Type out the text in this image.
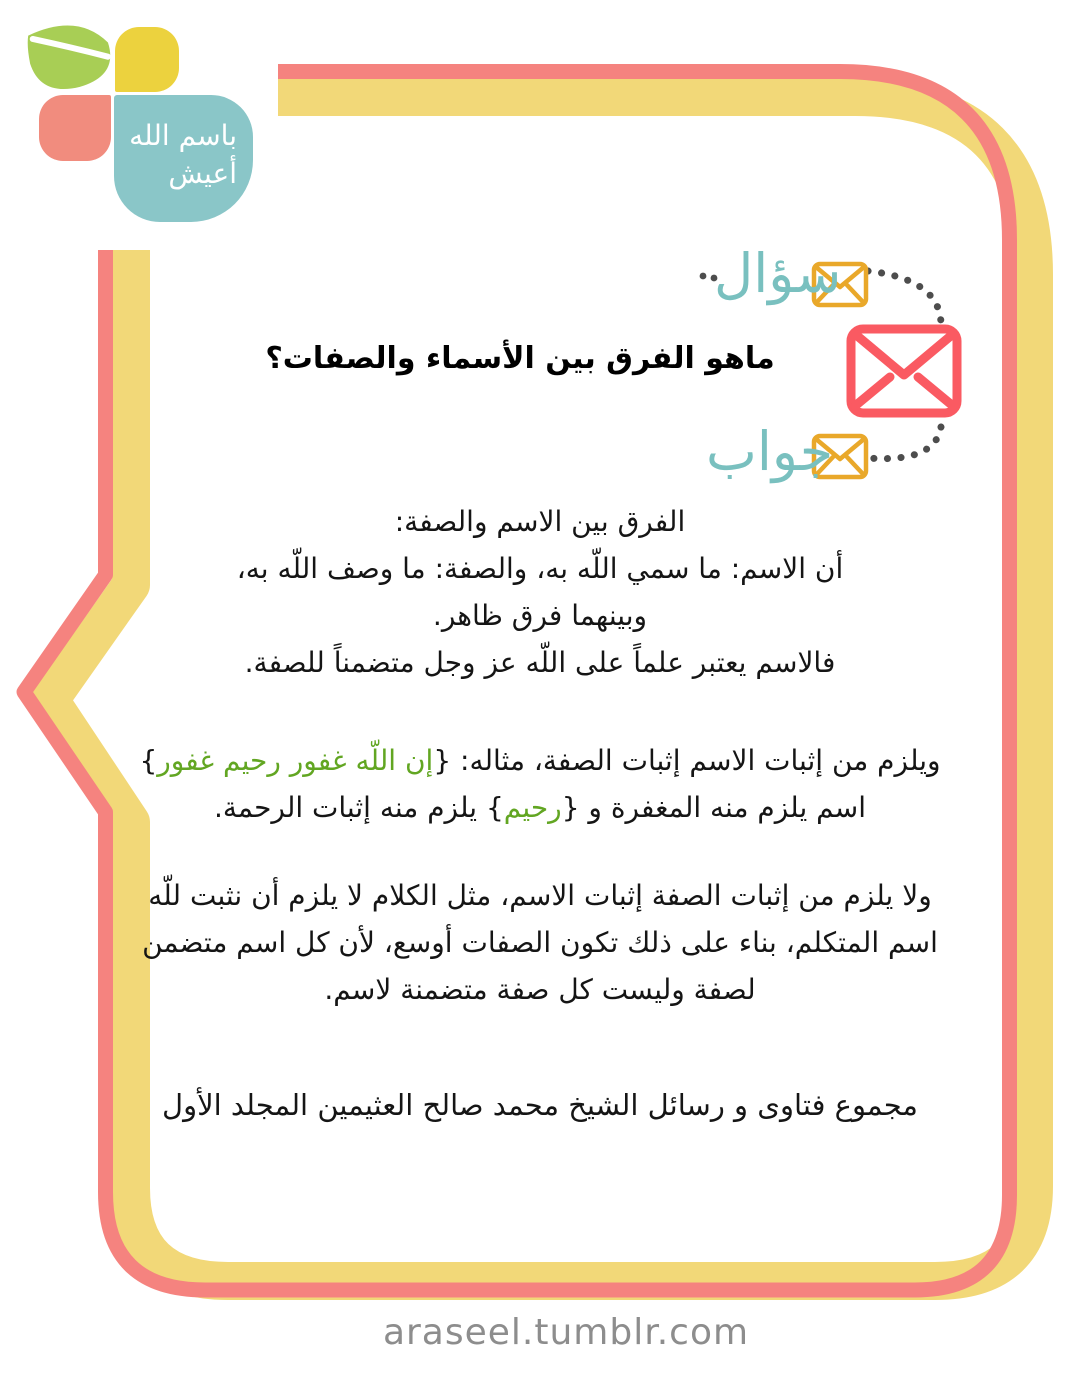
باسم الله
أعيش
سؤال
جواب
ماهو الفرق بين الأسماء والصفات؟
الفرق بين الاسم والصفة:
أن الاسم: ما سمي اللّه به، والصفة: ما وصف اللّه به،
وبينهما فرق ظاهر.
فالاسم يعتبر علماً على اللّه عز وجل متضمناً للصفة.
ويلزم من إثبات الاسم إثبات الصفة، مثاله: {إن اللّه غفور رحيم غفور}
اسم يلزم منه المغفرة و {رحيم} يلزم منه إثبات الرحمة.
ولا يلزم من إثبات الصفة إثبات الاسم، مثل الكلام لا يلزم أن نثبت للّه
اسم المتكلم، بناء على ذلك تكون الصفات أوسع، لأن كل اسم متضمن
لصفة وليست كل صفة متضمنة لاسم.
مجموع فتاوى و رسائل الشيخ محمد صالح العثيمين المجلد الأول
araseel.tumblr.com
